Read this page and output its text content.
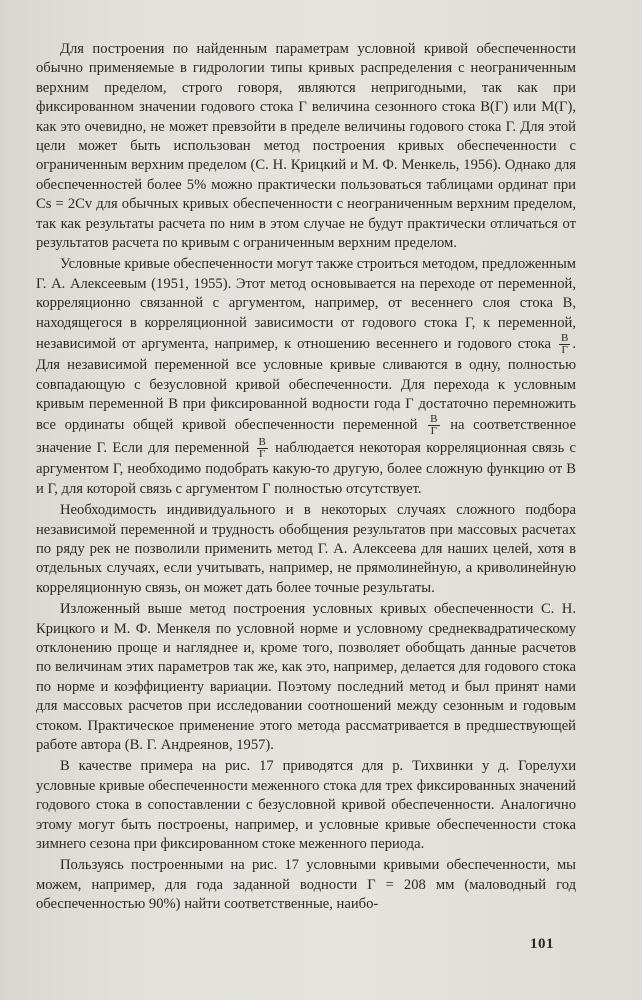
Для построения по найденным параметрам условной кривой обеспеченности обычно применяемые в гидрологии типы кривых распределения с неограниченным верхним пределом, строго говоря, являются непригодными, так как при фиксированном значении годового стока Г величина сезонного стока В(Г) или М(Г), как это очевидно, не может превзойти в пределе величины годового стока Г. Для этой цели может быть использован метод построения кривых обеспеченности с ограниченным верхним пределом (С. Н. Крицкий и М. Ф. Менкель, 1956). Однако для обеспеченностей более 5% можно практически пользоваться таблицами ординат при Cs = 2Cv для обычных кривых обеспеченности с неограниченным верхним пределом, так как результаты расчета по ним в этом случае не будут практически отличаться от результатов расчета по кривым с ограниченным верхним пределом.

Условные кривые обеспеченности могут также строиться методом, предложенным Г. А. Алексеевым (1951, 1955). Этот метод основывается на переходе от переменной, корреляционно связанной с аргументом, например, от весеннего слоя стока В, находящегося в корреляционной зависимости от годового стока Г, к переменной, независимой от аргумента, например, к отношению весеннего и годового стока $\frac{В}{Г}$ . Для независимой переменной все условные кривые сливаются в одну, полностью совпадающую с безусловной кривой обеспеченности. Для перехода к условным кривым переменной В при фиксированной водности года Г достаточно перемножить все ординаты общей кривой обеспеченности переменной $\frac{В}{Г}$ на соответственное значение Г. Если для переменной $\frac{В}{Г}$ наблюдается некоторая корреляционная связь с аргументом Г, необходимо подобрать какую-то другую, более сложную функцию от В и Г, для которой связь с аргументом Г полностью отсутствует.

Необходимость индивидуального и в некоторых случаях сложного подбора независимой переменной и трудность обобщения результатов при массовых расчетах по ряду рек не позволили применить метод Г. А. Алексеева для наших целей, хотя в отдельных случаях, если учитывать, например, не прямолинейную, а криволинейную корреляционную связь, он может дать более точные результаты.

Изложенный выше метод построения условных кривых обеспеченности С. Н. Крицкого и М. Ф. Менкеля по условной норме и условному среднеквадратическому отклонению проще и нагляднее и, кроме того, позволяет обобщать данные расчетов по величинам этих параметров так же, как это, например, делается для годового стока по норме и коэффициенту вариации. Поэтому последний метод и был принят нами для массовых расчетов при исследовании соотношений между сезонным и годовым стоком. Практическое применение этого метода рассматривается в предшествующей работе автора (В. Г. Андреянов, 1957).

В качестве примера на рис. 17 приводятся для р. Тихвинки у д. Горелухи условные кривые обеспеченности меженного стока для трех фиксированных значений годового стока в сопоставлении с безусловной кривой обеспеченности. Аналогично этому могут быть построены, например, и условные кривые обеспеченности стока зимнего сезона при фиксированном стоке меженного периода.

Пользуясь построенными на рис. 17 условными кривыми обеспеченности, мы можем, например, для года заданной водности Г = 208 мм (маловодный год обеспеченностью 90%) найти соответственные, наибо-

101
